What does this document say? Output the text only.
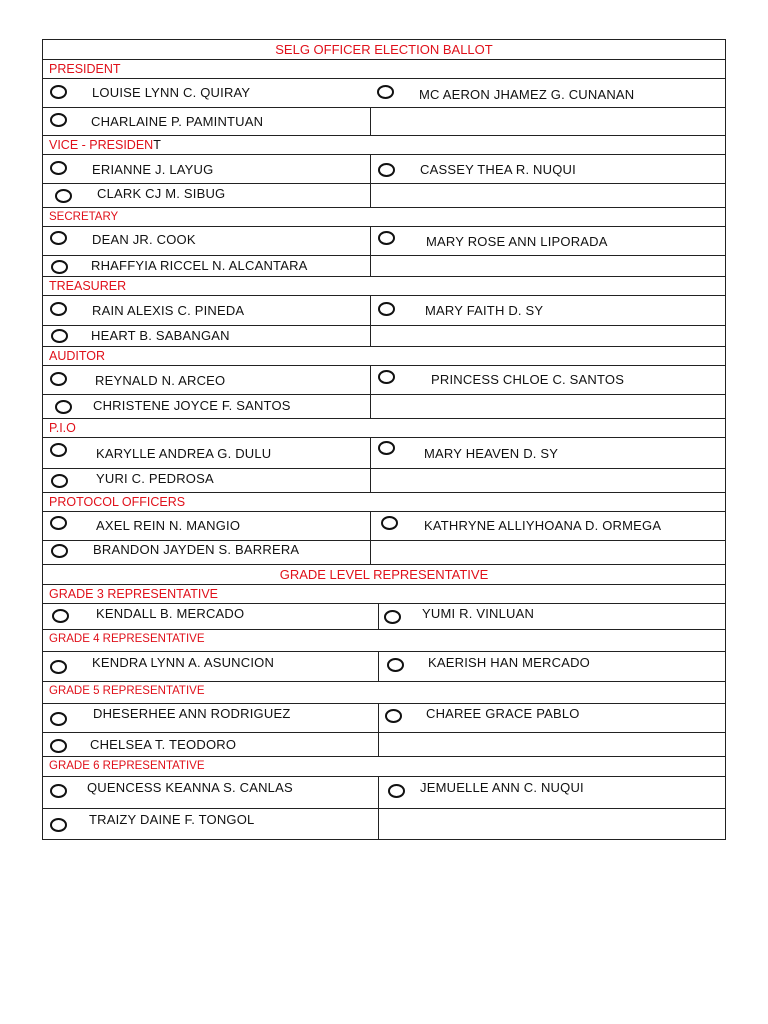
SELG OFFICER ELECTION BALLOT
PRESIDENT
LOUISE LYNN C. QUIRAY	MC AERON JHAMEZ G. CUNANAN
CHARLAINE P. PAMINTUAN
VICE - PRESIDENT
ERIANNE J. LAYUG	CASSEY THEA R. NUQUI
CLARK CJ M. SIBUG
SECRETARY
DEAN JR. COOK	MARY ROSE ANN LIPORADA
RHAFFYIA RICCEL N. ALCANTARA
TREASURER
RAIN ALEXIS C. PINEDA	MARY FAITH D. SY
HEART B. SABANGAN
AUDITOR
REYNALD N. ARCEO	PRINCESS CHLOE C. SANTOS
CHRISTENE JOYCE F. SANTOS
P.I.O
KARYLLE ANDREA G. DULU	MARY HEAVEN D. SY
YURI C. PEDROSA
PROTOCOL OFFICERS
AXEL REIN N. MANGIO	KATHRYNE ALLIYHOANA D. ORMEGA
BRANDON JAYDEN S. BARRERA
GRADE LEVEL REPRESENTATIVE
GRADE 3 REPRESENTATIVE
KENDALL B. MERCADO	YUMI R. VINLUAN
GRADE 4 REPRESENTATIVE
KENDRA LYNN A. ASUNCION	KAERISH HAN MERCADO
GRADE 5 REPRESENTATIVE
DHESERHEE ANN RODRIGUEZ	CHAREE GRACE PABLO
CHELSEA T. TEODORO
GRADE 6 REPRESENTATIVE
QUENCESS KEANNA S. CANLAS	JEMUELLE ANN C. NUQUI
TRAIZY DAINE F. TONGOL
